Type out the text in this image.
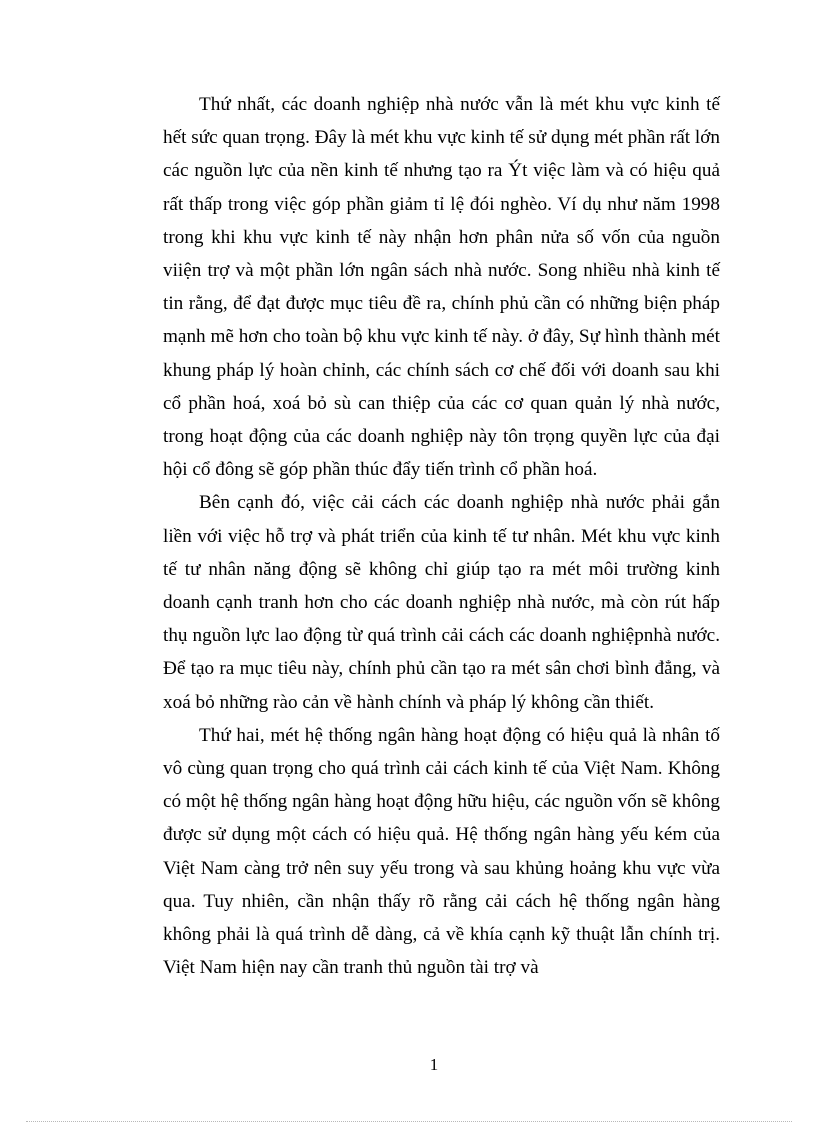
Thứ nhất, các doanh nghiệp nhà nước vẫn là mét khu vực kinh tế hết sức quan trọng. Đây là mét khu vực kinh tế sử dụng mét phần rất lớn các nguồn lực của nền kinh tế nhưng tạo ra Ýt việc làm và có hiệu quả rất thấp trong việc góp phần giảm tỉ lệ đói nghèo. Ví dụ như năm 1998 trong khi khu vực kinh tế này nhận hơn phân nửa số vốn của nguồn viiện trợ và một phần lớn ngân sách nhà nước. Song nhiều nhà kinh tế tin rằng, để đạt được mục tiêu đề ra, chính phủ cần có những biện pháp mạnh mẽ hơn cho toàn bộ khu vực kinh tế này. ở đây, Sự hình thành mét khung pháp lý hoàn chỉnh, các chính sách cơ chế đối với doanh sau khi cổ phần hoá, xoá bỏ sù can thiệp của các cơ quan quản lý nhà nước, trong hoạt động của các doanh nghiệp này tôn trọng quyền lực của đại hội cổ đông sẽ góp phần thúc đẩy tiến trình cổ phần hoá.

Bên cạnh đó, việc cải cách các doanh nghiệp nhà nước phải gắn liền với việc hỗ trợ và phát triển của kinh tế tư nhân. Mét khu vực kinh tế tư nhân năng động sẽ không chỉ giúp tạo ra mét môi trường kinh doanh cạnh tranh hơn cho các doanh nghiệp nhà nước, mà còn rút hấp thụ nguồn lực lao động từ quá trình cải cách các doanh nghiệpnhà nước. Để tạo ra mục tiêu này, chính phủ cần tạo ra mét sân chơi bình đẳng, và xoá bỏ những rào cản về hành chính và pháp lý không cần thiết.

Thứ hai, mét hệ thống ngân hàng hoạt động có hiệu quả là nhân tố vô cùng quan trọng cho quá trình cải cách kinh tế của Việt Nam. Không có một hệ thống ngân hàng hoạt động hữu hiệu, các nguồn vốn sẽ không được sử dụng một cách có hiệu quả. Hệ thống ngân hàng yếu kém của Việt Nam càng trở nên suy yếu trong và sau khủng hoảng khu vực vừa qua. Tuy nhiên, cần nhận thấy rõ rằng cải cách hệ thống ngân hàng không phải là quá trình dễ dàng, cả về khía cạnh kỹ thuật lẫn chính trị. Việt Nam hiện nay cần tranh thủ nguồn tài trợ và

1
